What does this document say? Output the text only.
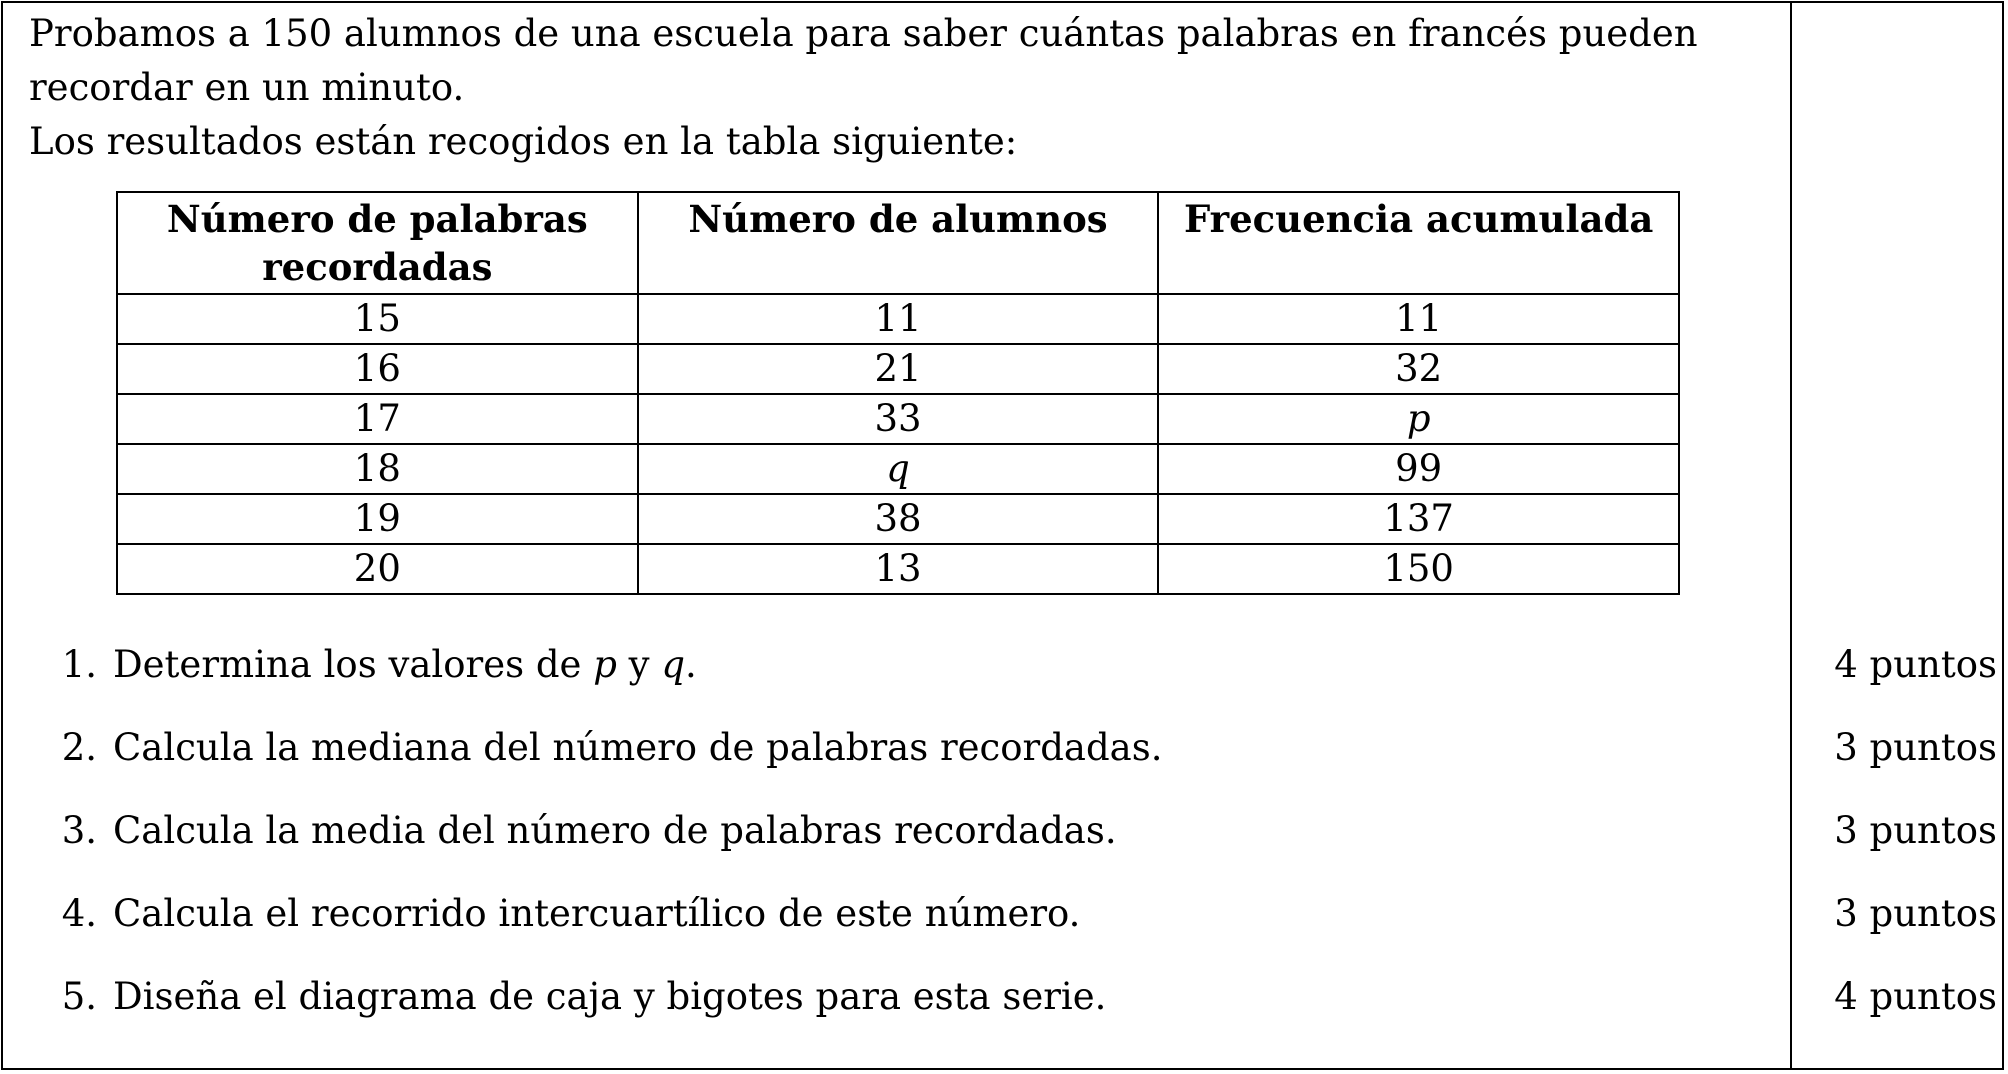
Probamos a 150 alumnos de una escuela para saber cuántas palabras en francés pueden recordar en un minuto.

Los resultados están recogidos en la tabla siguiente:

Número de palabras recordadas	Número de alumnos	Frecuencia acumulada
15	11	11
16	21	32
17	33	p
18	q	99
19	38	137
20	13	150
1. Determina los valores de p y q.	4 puntos
2. Calcula la mediana del número de palabras recordadas.	3 puntos
3. Calcula la media del número de palabras recordadas.	3 puntos
4. Calcula el recorrido intercuartílico de este número.	3 puntos
5. Diseña el diagrama de caja y bigotes para esta serie.	4 puntos
